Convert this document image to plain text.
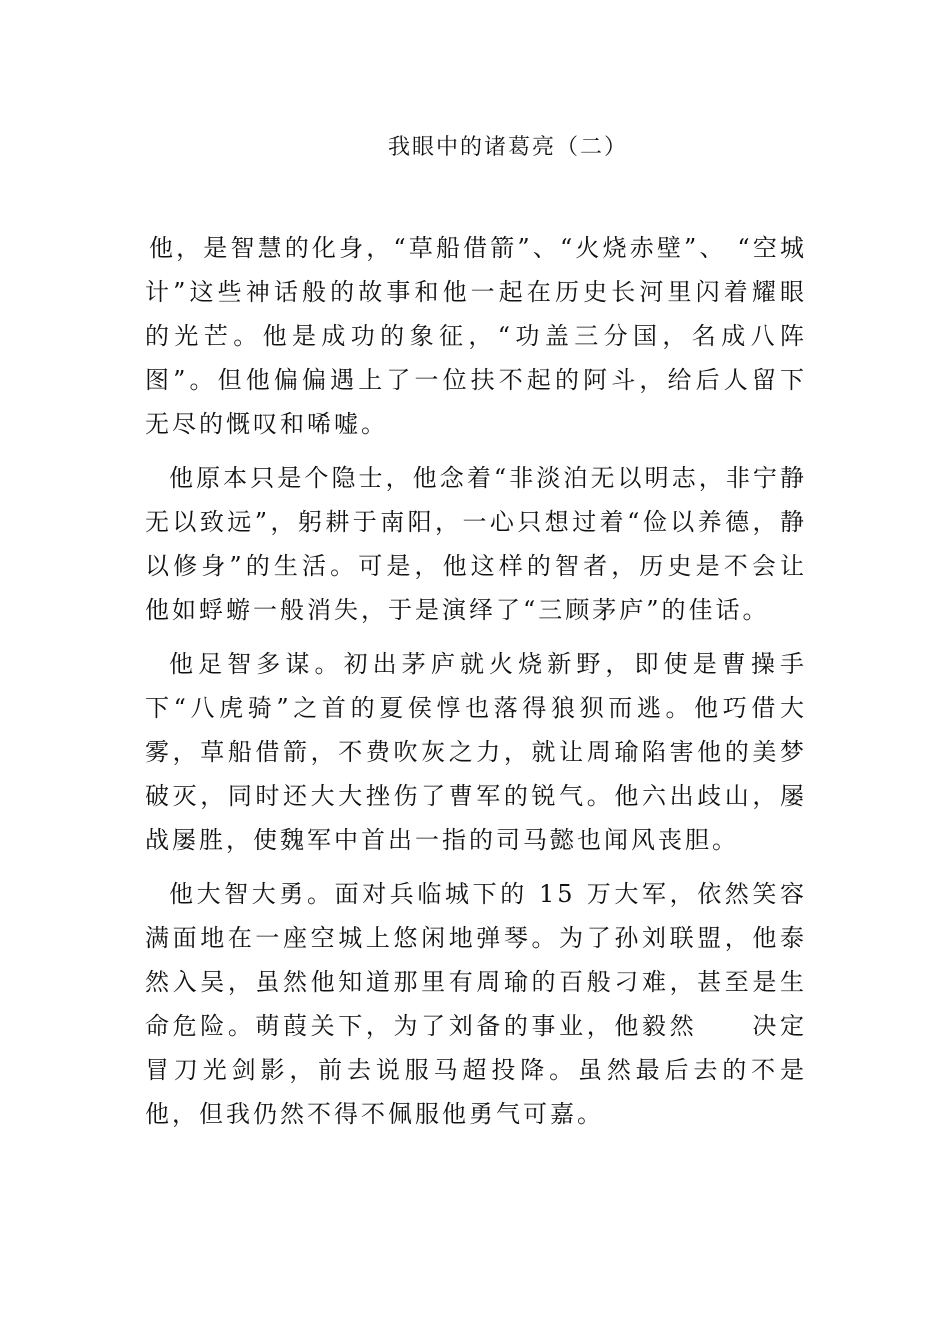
我眼中的诸葛亮（二）

他，是智慧的化身，“草船借箭”、“火烧赤壁”、 “空城计”这些神话般的故事和他一起在历史长河里闪着耀眼的光芒。他是成功的象征，“功盖三分国，名成八阵图”。但他偏偏遇上了一位扶不起的阿斗，给后人留下无尽的慨叹和唏嘘。

他原本只是个隐士，他念着“非淡泊无以明志，非宁静无以致远”，躬耕于南阳，一心只想过着“俭以养德，静以修身”的生活。可是，他这样的智者，历史是不会让他如蜉蝣一般消失，于是演绎了“三顾茅庐”的佳话。

他足智多谋。初出茅庐就火烧新野，即使是曹操手下“八虎骑”之首的夏侯惇也落得狼狈而逃。他巧借大雾，草船借箭，不费吹灰之力，就让周瑜陷害他的美梦破灭，同时还大大挫伤了曹军的锐气。他六出歧山，屡战屡胜，使魏军中首出一指的司马懿也闻风丧胆。

他大智大勇。面对兵临城下的 15 万大军，依然笑容满面地在一座空城上悠闲地弹琴。为了孙刘联盟，他泰然入吴，虽然他知道那里有周瑜的百般刁难，甚至是生命危险。萌葭关下，为了刘备的事业，他毅然　　决定冒刀光剑影，前去说服马超投降。虽然最后去的不是他，但我仍然不得不佩服他勇气可嘉。
